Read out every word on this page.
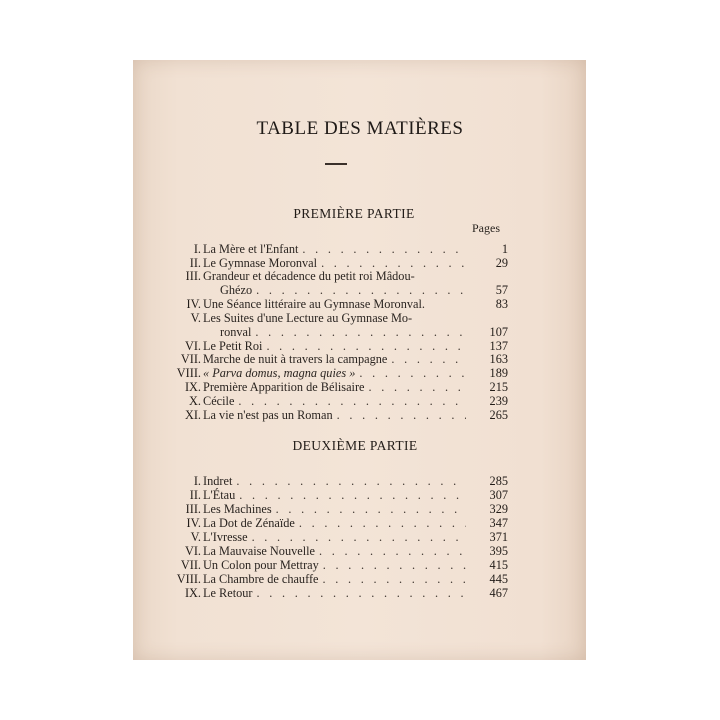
TABLE DES MATIÈRES
PREMIÈRE PARTIE
Pages
I. La Mère et l'Enfant . . .	1
II. Le Gymnase Moronval . . .	29
III. Grandeur et décadence du petit roi Mâdou-
Ghézo . . .	57
IV. Une Séance littéraire au Gymnase Moronval.	83
V. Les Suites d'une Lecture au Gymnase Mo-
ronval . . .	107
VI. Le Petit Roi . . .	137
VII. Marche de nuit à travers la campagne . . .	163
VIII. « Parva domus, magna quies » . . .	189
IX. Première Apparition de Bélisaire . . .	215
X. Cécile . . .	239
XI. La vie n'est pas un Roman . . .	265
DEUXIÈME PARTIE
I. Indret . . .	285
II. L'Étau . . .	307
III. Les Machines . . .	329
IV. La Dot de Zénaïde . . .	347
V. L'Ivresse . . .	371
VI. La Mauvaise Nouvelle . . .	395
VII. Un Colon pour Mettray . . .	415
VIII. La Chambre de chauffe . . .	445
IX. Le Retour . . .	467
